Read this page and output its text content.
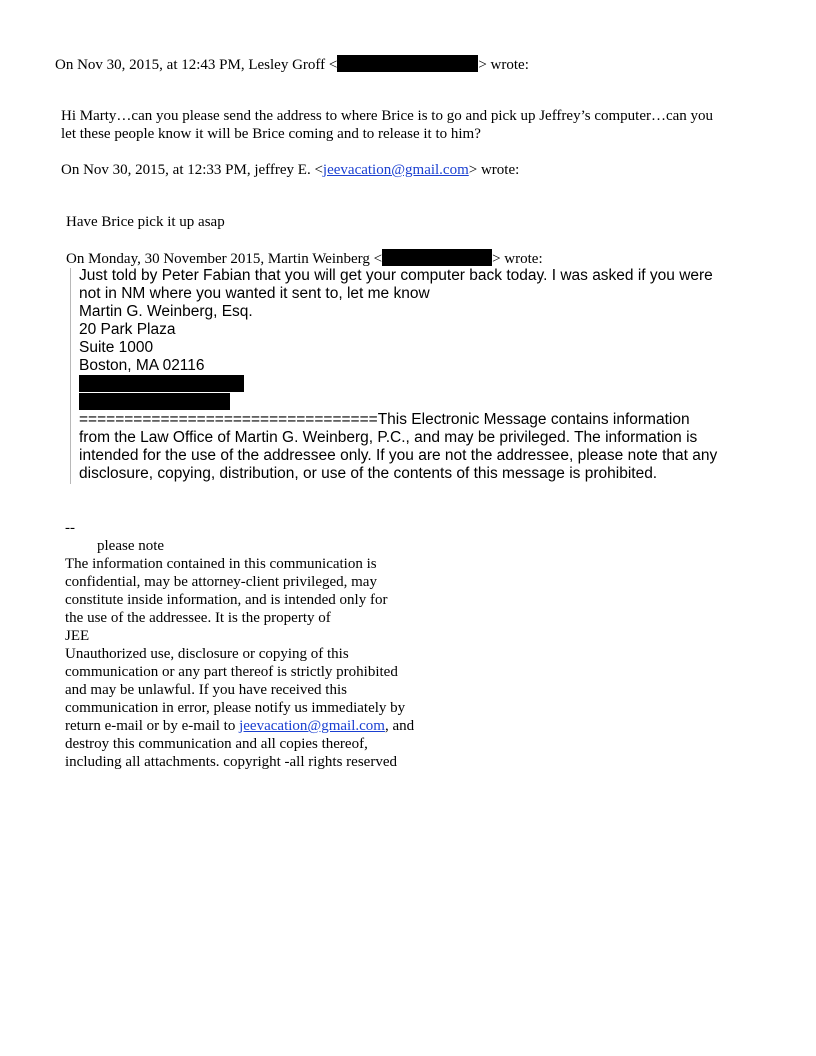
On Nov 30, 2015, at 12:43 PM, Lesley Groff <	> wrote:
Hi Marty…can you please send the address to where Brice is to go and pick up Jeffrey’s computer…can you
let these people know it will be Brice coming and to release it to him?
On Nov 30, 2015, at 12:33 PM, jeffrey E. <jeevacation@gmail.com> wrote:
Have Brice pick it up asap
On Monday, 30 November 2015, Martin Weinberg <	> wrote:
Just told by Peter Fabian that you will get your computer back today. I was asked if you were
not in NM where you wanted it sent to, let me know
Martin G. Weinberg, Esq.
20 Park Plaza
Suite 1000
Boston, MA 02116
=================================This Electronic Message contains information
from the Law Office of Martin G. Weinberg, P.C., and may be privileged. The information is
intended for the use of the addressee only. If you are not the addressee, please note that any
disclosure, copying, distribution, or use of the contents of this message is prohibited.
--
please note
The information contained in this communication is
confidential, may be attorney-client privileged, may
constitute inside information, and is intended only for
the use of the addressee. It is the property of
JEE
Unauthorized use, disclosure or copying of this
communication or any part thereof is strictly prohibited
and may be unlawful. If you have received this
communication in error, please notify us immediately by
return e-mail or by e-mail to jeevacation@gmail.com, and
destroy this communication and all copies thereof,
including all attachments. copyright -all rights reserved
